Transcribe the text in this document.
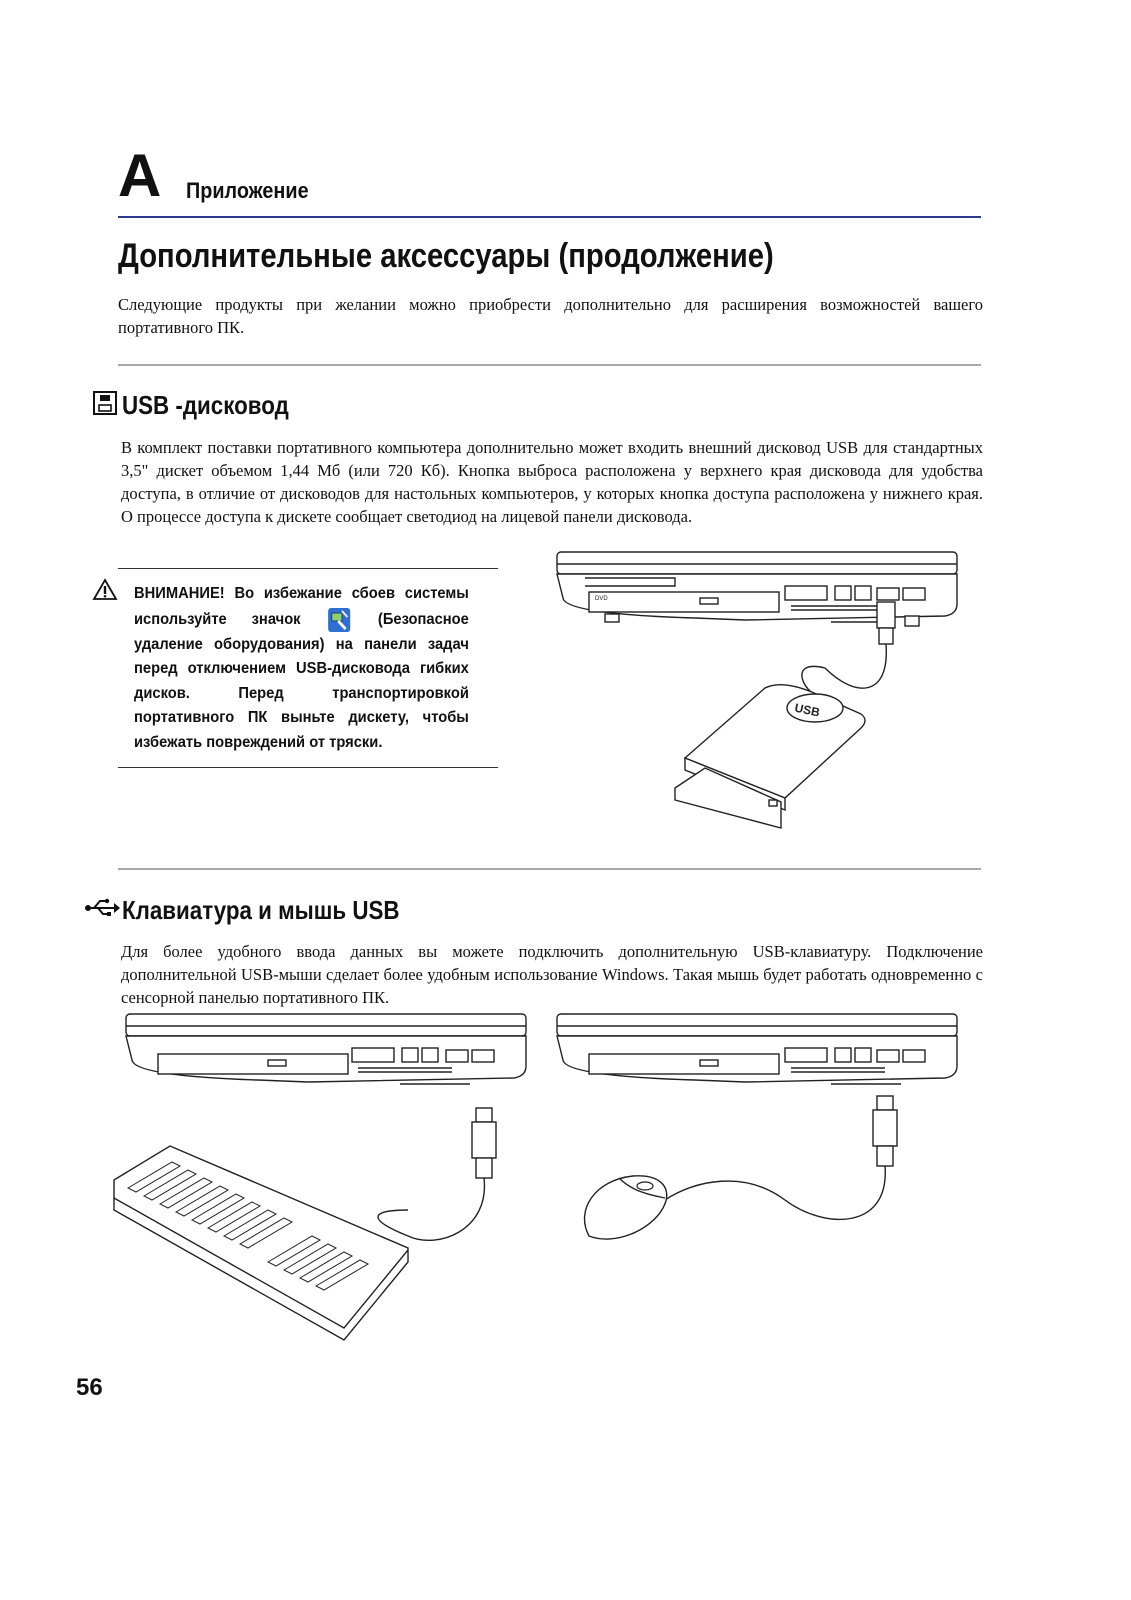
A Приложение
Дополнительные аксессуары (продолжение)
Следующие продукты при желании можно приобрести дополнительно для расширения возможностей вашего портативного ПК.
USB -дисковод
В комплект поставки портативного компьютера дополнительно может входить внешний дисковод USB для стандартных 3,5" дискет объемом 1,44 Мб (или 720 Кб). Кнопка выброса расположена у верхнего края дисковода для удобства доступа, в отличие от дисководов для настольных компьютеров, у которых кнопка доступа расположена у нижнего края. О процессе доступа к дискете сообщает светодиод на лицевой панели дисковода.
ВНИМАНИЕ! Во избежание сбоев системы используйте значок	(Безопасное удаление оборудования) на панели задач перед отключением USB-дисковода гибких дисков. Перед транспортировкой портативного ПК выньте дискету, чтобы избежать повреждений от тряски.
DVD
USB
Клавиатура и мышь USB
Для более удобного ввода данных вы можете подключить дополнительную USB-клавиатуру. Подключение дополнительной USB-мыши сделает более удобным использование Windows. Такая мышь будет работать одновременно с сенсорной панелью портативного ПК.
56
